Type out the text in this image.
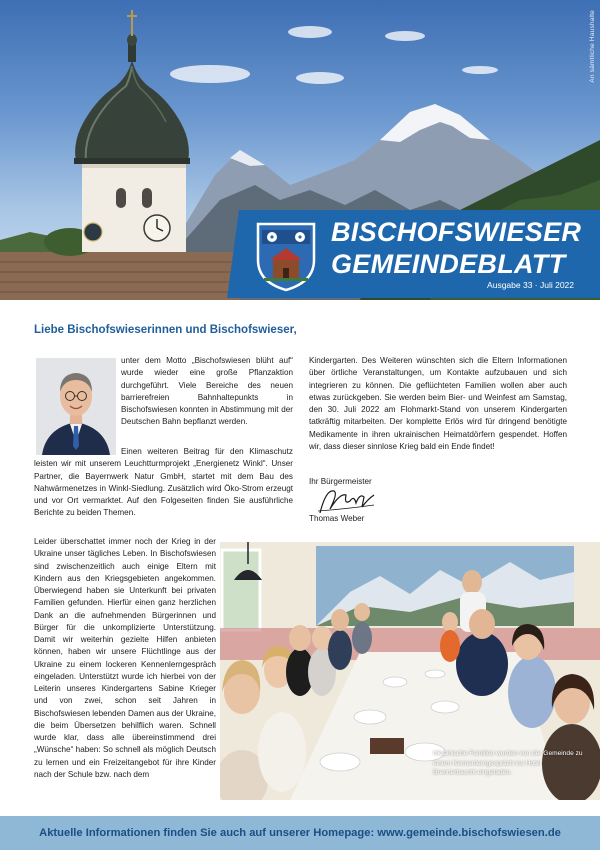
An sämtliche Haushalte
BISCHOFSWIESER
GEMEINDEBLATT
Ausgabe 33 · Juli 2022
Liebe Bischofswieserinnen und Bischofswieser,

unter dem Motto „Bischofswiesen blüht auf“ wurde wieder eine große Pflanzaktion durchgeführt. Viele Bereiche des neuen barrierefreien Bahnhaltepunkts in Bischofswiesen konnten in Abstimmung mit der Deutschen Bahn bepflanzt werden.

Einen weiteren Beitrag für den Klimaschutz leisten wir mit unserem Leuchtturmprojekt „Energienetz Winkl“. Unser Partner, die Bayernwerk Natur GmbH, startet mit dem Bau des Nahwärmenetzes in Winkl-Siedlung. Zusätzlich wird Öko-Strom erzeugt und vor Ort vermarktet. Auf den Folgeseiten finden Sie ausführliche Berichte zu beiden Themen.

Kindergarten. Des Weiteren wünschten sich die Eltern Informationen über örtliche Veranstaltungen, um Kontakte aufzubauen und sich integrieren zu können. Die geflüchteten Familien wollen aber auch etwas zurückgeben. Sie werden beim Bier- und Weinfest am Samstag, den 30. Juli 2022 am Flohmarkt-Stand von unserem Kindergarten tatkräftig mitarbeiten. Der komplette Erlös wird für dringend benötigte Medikamente in ihren ukrainischen Heimatdörfern gespendet. Hoffen wir, dass dieser sinnlose Krieg bald ein Ende findet!

Ihr Bürgermeister
Thomas Weber

Leider überschattet immer noch der Krieg in der Ukraine unser tägliches Leben. In Bischofswiesen sind zwischenzeitlich auch einige Eltern mit Kindern aus den Kriegsgebieten angekommen. Überwiegend haben sie Unterkunft bei privaten Familien gefunden. Hierfür einen ganz herzlichen Dank an die aufnehmenden Bürgerinnen und Bürger für die unkomplizierte Unterstützung. Damit wir weiterhin gezielte Hilfen anbieten können, haben wir unsere Flüchtlinge aus der Ukraine zu einem lockeren Kennenlerngespräch eingeladen. Unterstützt wurde ich hierbei von der Leiterin unseres Kindergartens Sabine Krieger und von zwei, schon seit Jahren in Bischofswiesen lebenden Damen aus der Ukraine, die beim Übersetzen behilflich waren. Schnell wurde klar, dass alle übereinstimmend drei „Wünsche“ haben: So schnell als möglich Deutsch zu lernen und ein Freizeitangebot für ihre Kinder nach der Schule bzw. nach dem

Ukrainische Familien wurden von der Gemeinde zu einem Kennenlerngespräch ins Hotel Brennerbascht eingeladen.
Aktuelle Informationen finden Sie auch auf unserer Homepage: www.gemeinde.bischofswiesen.de
